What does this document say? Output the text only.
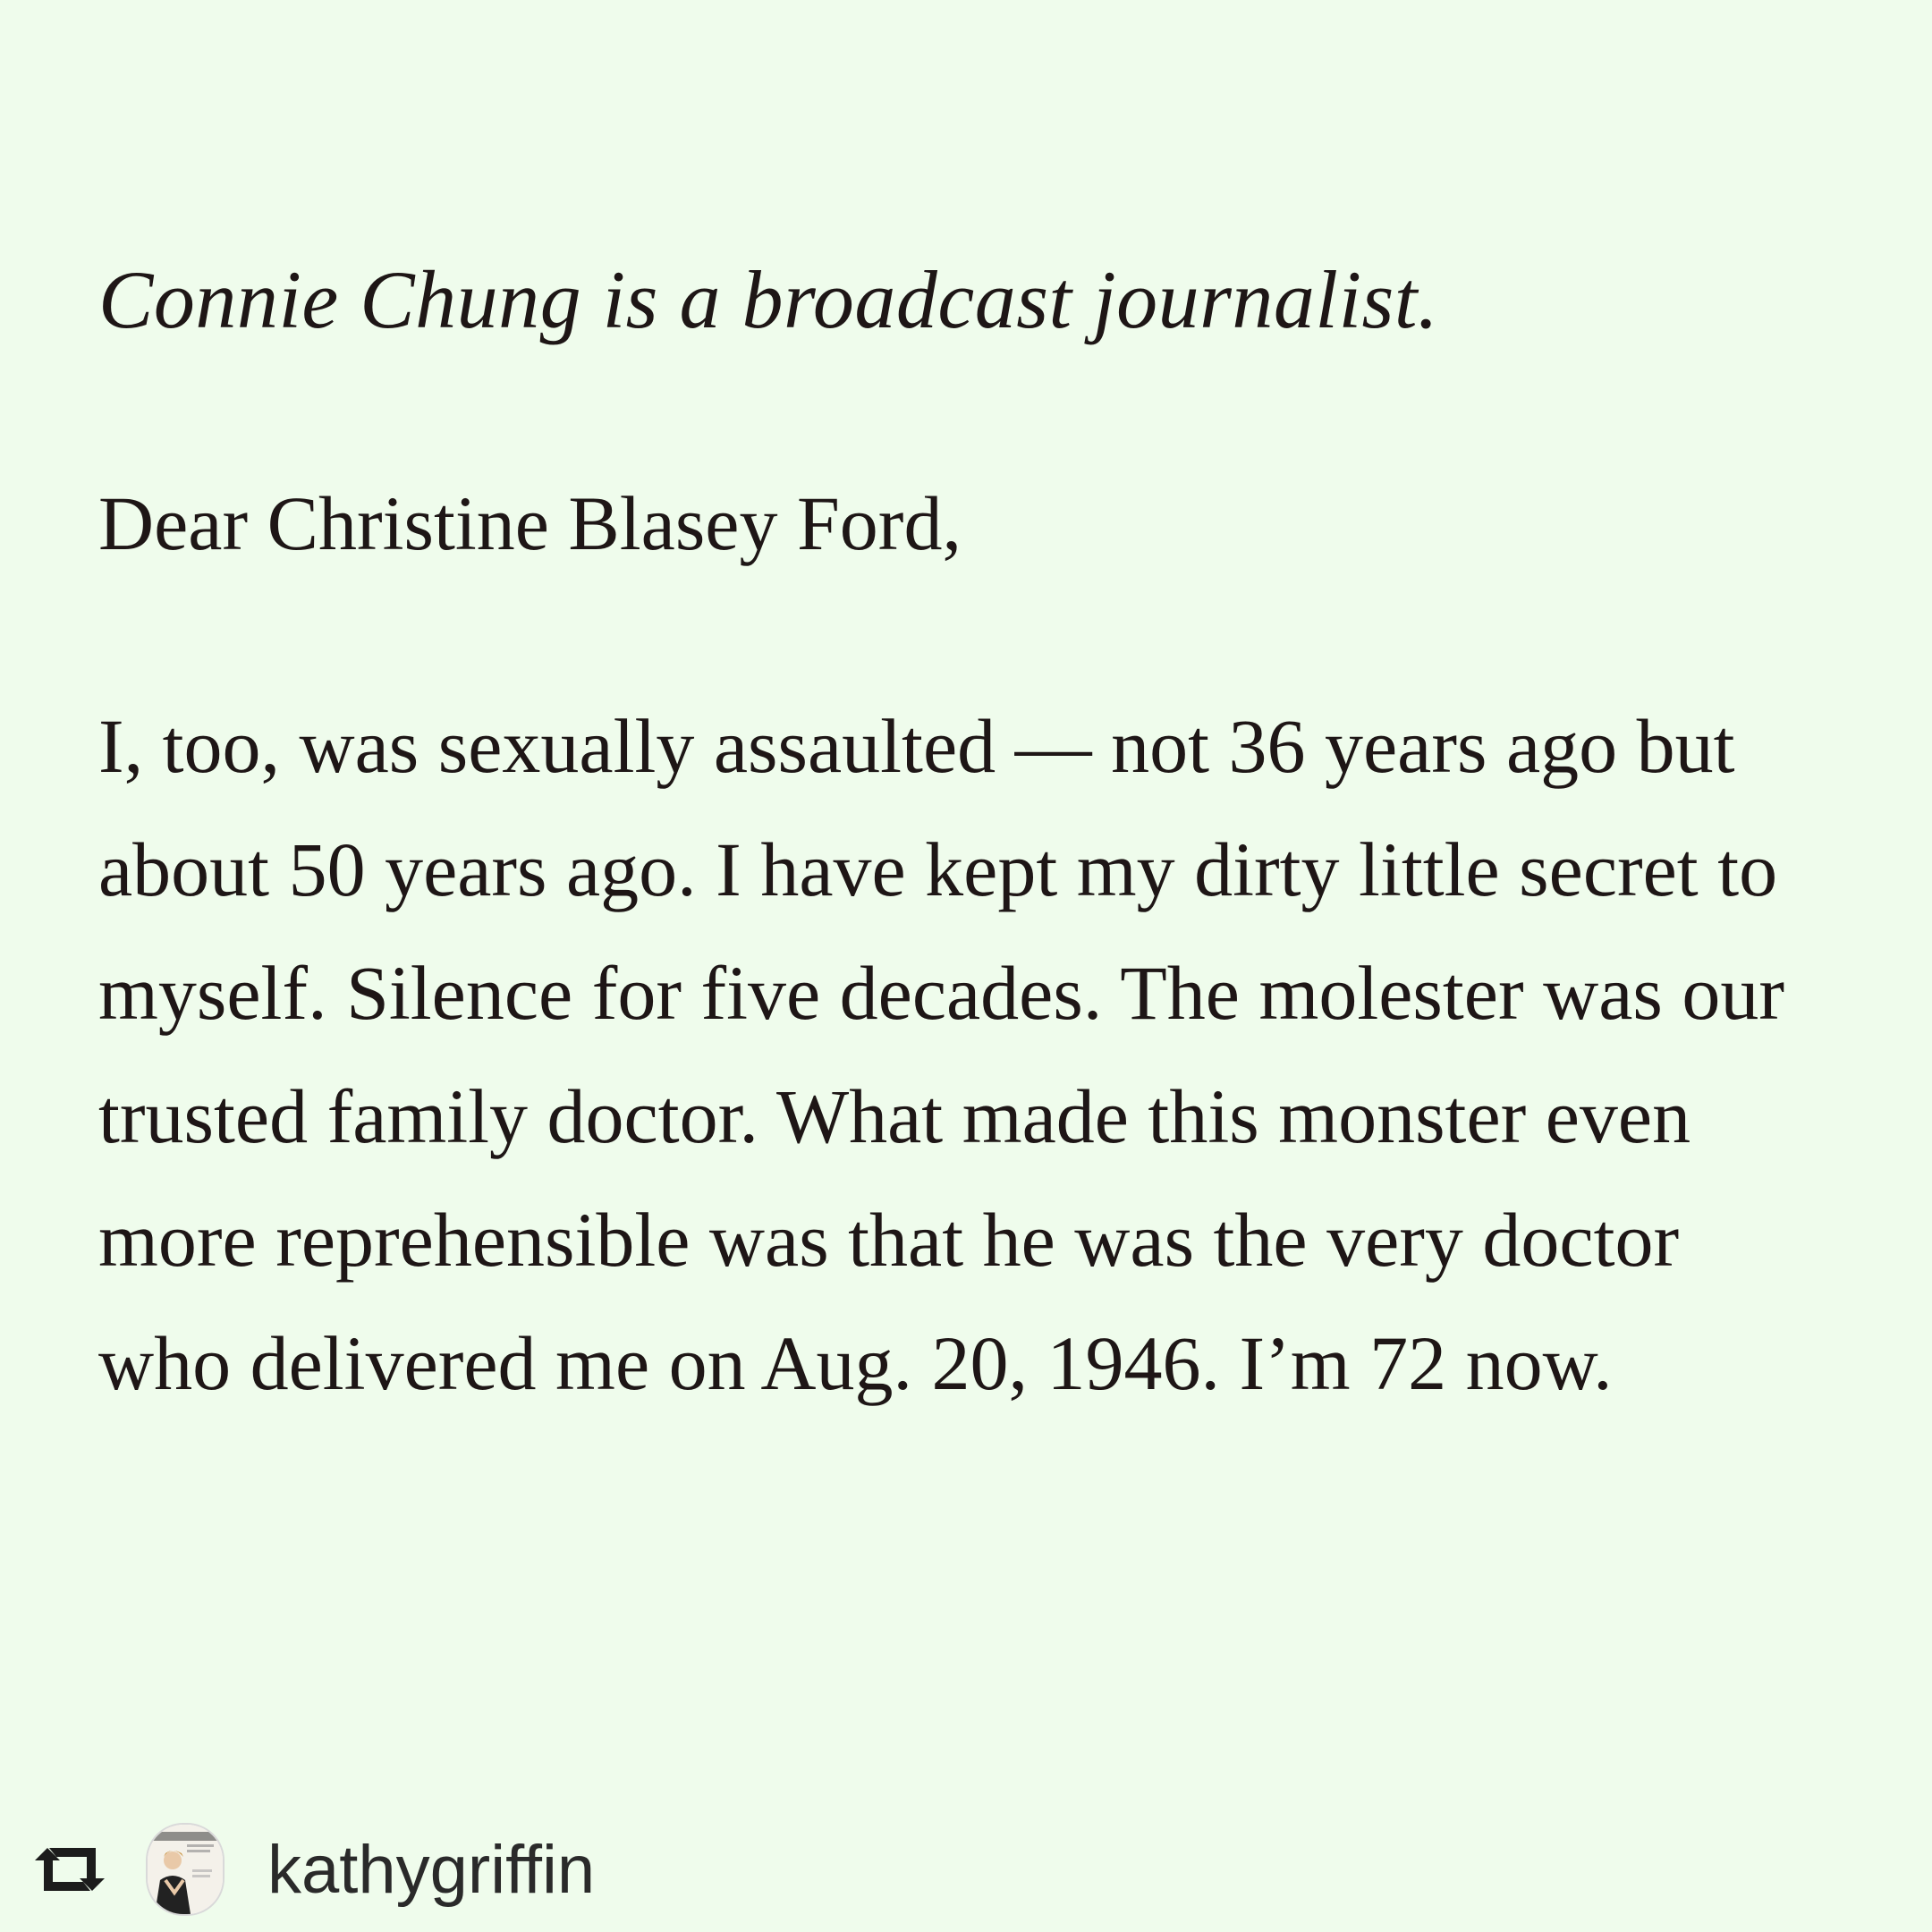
Connie Chung is a broadcast journalist.

Dear Christine Blasey Ford,

I, too, was sexually assaulted — not 36 years ago but about 50 years ago. I have kept my dirty little secret to myself. Silence for five decades. The molester was our trusted family doctor. What made this monster even more reprehensible was that he was the very doctor who delivered me on Aug. 20, 1946. I’m 72 now.

kathygriffin
